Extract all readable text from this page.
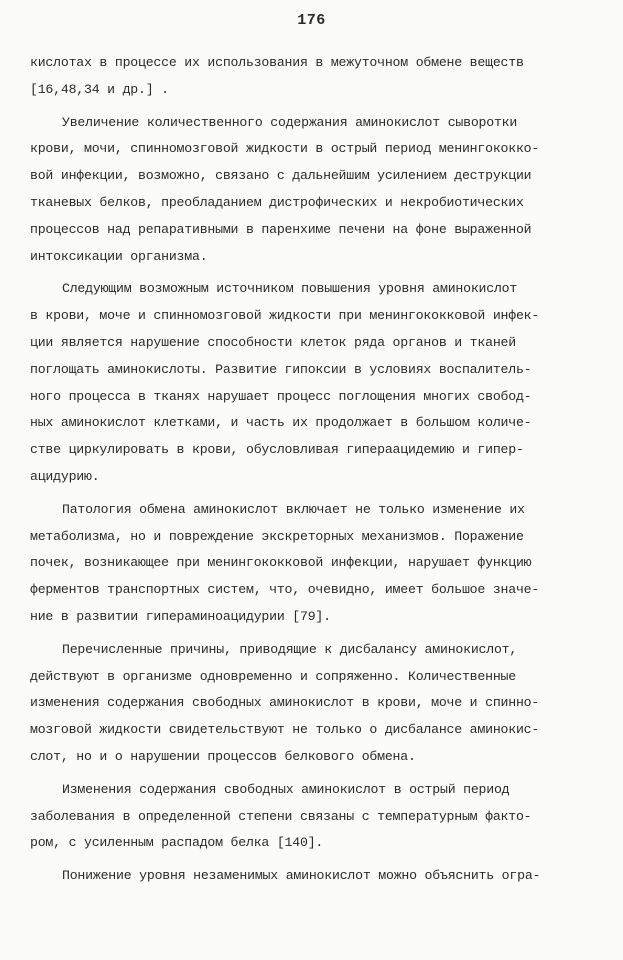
176
кислотах в процессе их использования в межуточном обмене веществ
[16,48,34 и др.] .
Увеличение количественного содержания аминокислот сыворотки
крови, мочи, спинномозговой жидкости в острый период менингококко-
вой инфекции, возможно, связано с дальнейшим усилением деструкции
тканевых белков, преобладанием дистрофических и некробиотических
процессов над репаративными в паренхиме печени на фоне выраженной
интоксикации организма.
Следующим возможным источником повышения уровня аминокислот
в крови, моче и спинномозговой жидкости при менингококковой инфек-
ции является нарушение способности клеток ряда органов и тканей
поглощать аминокислоты. Развитие гипоксии в условиях воспалитель-
ного процесса в тканях нарушает процесс поглощения многих свобод-
ных аминокислот клетками, и часть их продолжает в большом количе-
стве циркулировать в крови, обусловливая гипераацидемию и гипер-
ацидурию.
Патология обмена аминокислот включает не только изменение их
метаболизма, но и повреждение экскреторных механизмов. Поражение
почек, возникающее при менингококковой инфекции, нарушает функцию
ферментов транспортных систем, что, очевидно, имеет большое значе-
ние в развитии гипераминоацидурии [79].
Перечисленные причины, приводящие к дисбалансу аминокислот,
действуют в организме одновременно и сопряженно. Количественные
изменения содержания свободных аминокислот в крови, моче и спинно-
мозговой жидкости свидетельствуют не только о дисбалансе аминокис-
слот, но и о нарушении процессов белкового обмена.
Изменения содержания свободных аминокислот в острый период
заболевания в определенной степени связаны с температурным факто-
ром, с усиленным распадом белка [140].
Понижение уровня незаменимых аминокислот можно объяснить огра-
